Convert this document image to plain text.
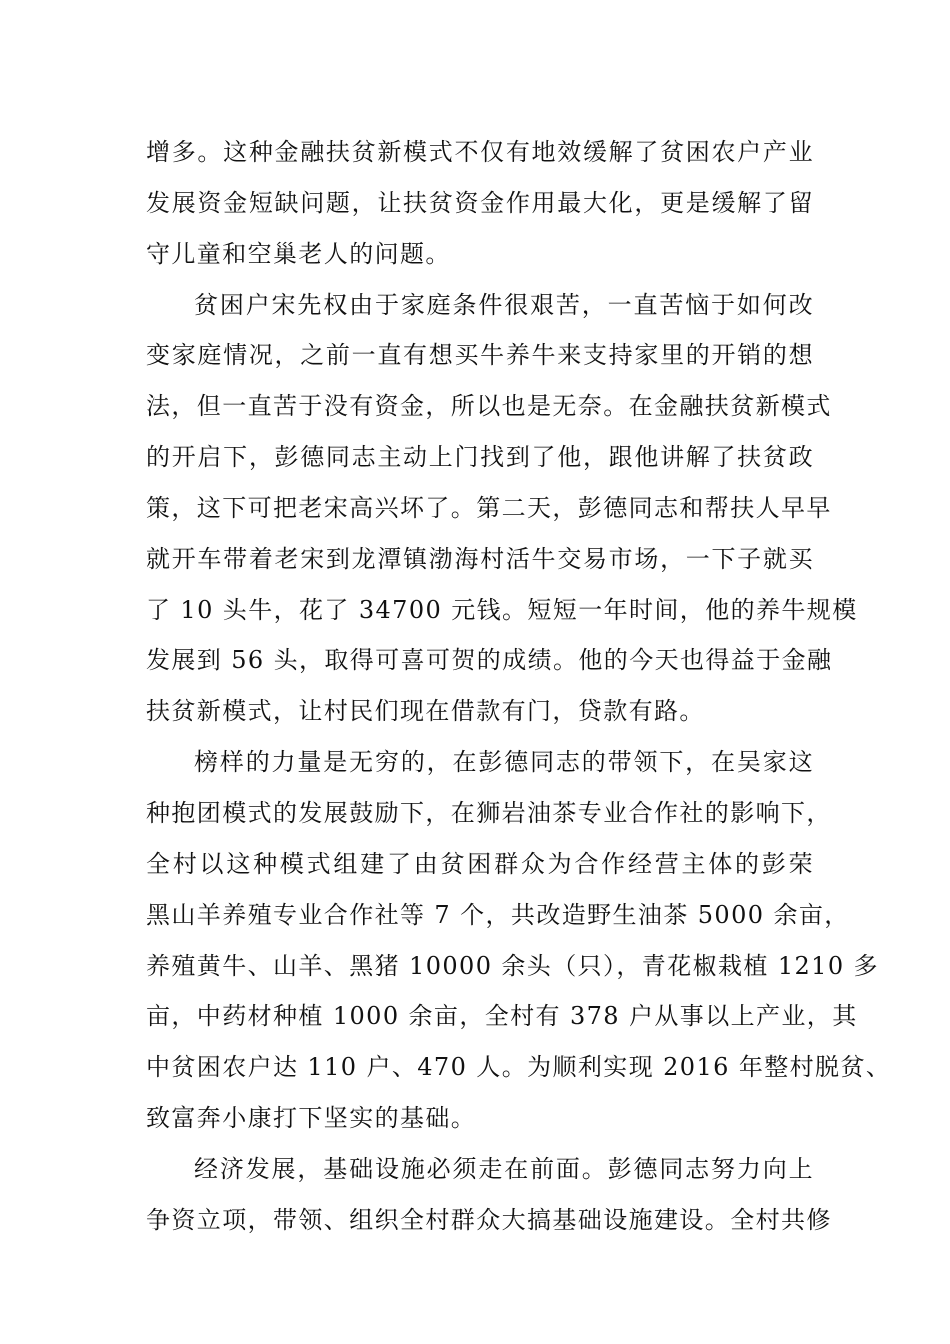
增多。这种金融扶贫新模式不仅有地效缓解了贫困农户产业
发展资金短缺问题，让扶贫资金作用最大化，更是缓解了留
守儿童和空巢老人的问题。
贫困户宋先权由于家庭条件很艰苦，一直苦恼于如何改
变家庭情况，之前一直有想买牛养牛来支持家里的开销的想
法，但一直苦于没有资金，所以也是无奈。在金融扶贫新模式
的开启下，彭德同志主动上门找到了他，跟他讲解了扶贫政
策，这下可把老宋高兴坏了。第二天，彭德同志和帮扶人早早
就开车带着老宋到龙潭镇渤海村活牛交易市场，一下子就买
了 10 头牛，花了 34700 元钱。短短一年时间，他的养牛规模
发展到 56 头，取得可喜可贺的成绩。他的今天也得益于金融
扶贫新模式，让村民们现在借款有门，贷款有路。
榜样的力量是无穷的，在彭德同志的带领下，在吴家这
种抱团模式的发展鼓励下，在狮岩油茶专业合作社的影响下，
全村以这种模式组建了由贫困群众为合作经营主体的彭荣
黑山羊养殖专业合作社等 7 个，共改造野生油茶 5000 余亩，
养殖黄牛、山羊、黑猪 10000 余头（只），青花椒栽植 1210 多
亩，中药材种植 1000 余亩，全村有 378 户从事以上产业，其
中贫困农户达 110 户、470 人。为顺利实现 2016 年整村脱贫、
致富奔小康打下坚实的基础。
经济发展，基础设施必须走在前面。彭德同志努力向上
争资立项，带领、组织全村群众大搞基础设施建设。全村共修
